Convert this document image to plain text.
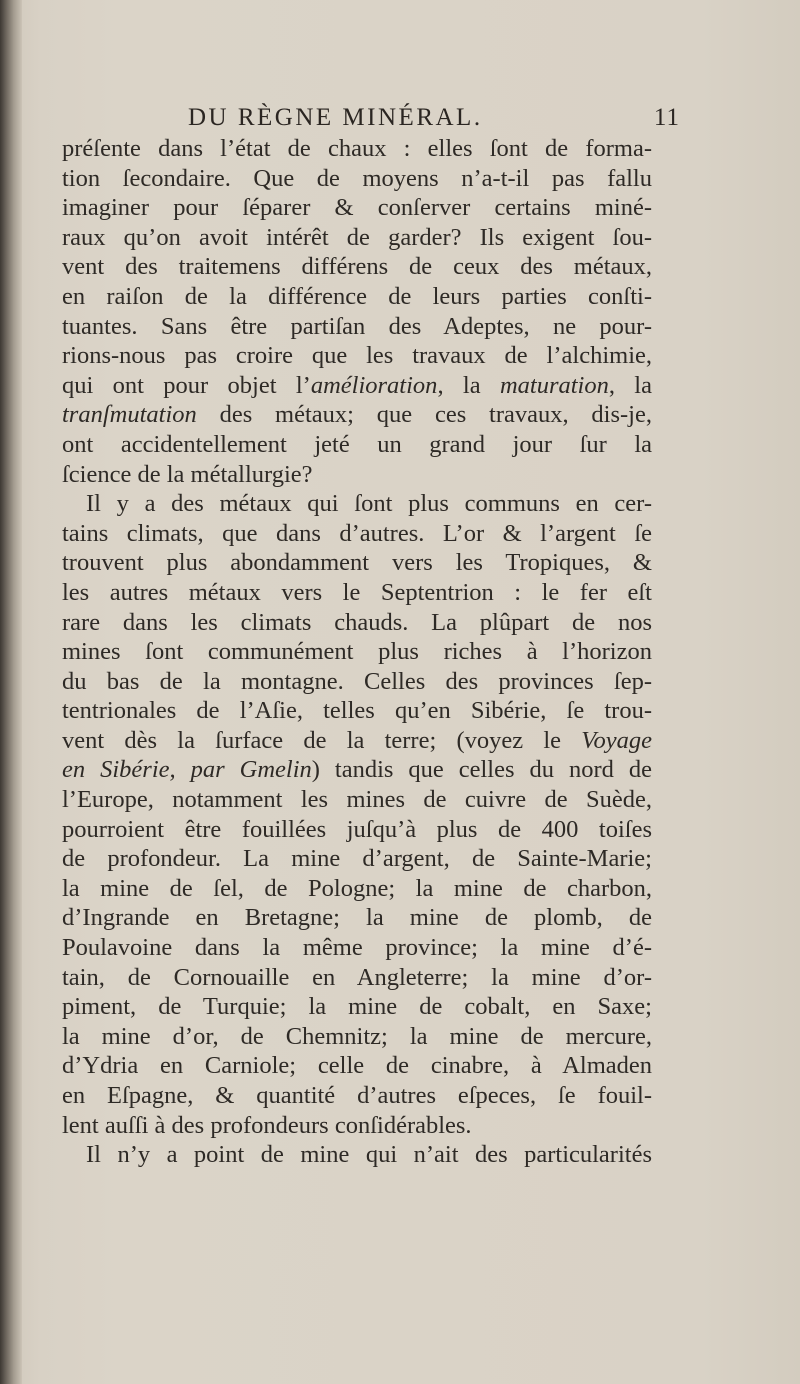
DU RÈGNE MINÉRAL.	11
préſente dans l’état de chaux : elles ſont de forma-
tion ſecondaire. Que de moyens n’a-t-il pas fallu
imaginer pour ſéparer & conſerver certains miné-
raux qu’on avoit intérêt de garder? Ils exigent ſou-
vent des traitemens différens de ceux des métaux,
en raiſon de la différence de leurs parties conſti-
tuantes. Sans être partiſan des Adeptes, ne pour-
rions-nous pas croire que les travaux de l’alchimie,
qui ont pour objet l’amélioration, la maturation, la
tranſmutation des métaux; que ces travaux, dis-je,
ont accidentellement jeté un grand jour ſur la
ſcience de la métallurgie?
Il y a des métaux qui ſont plus communs en cer-
tains climats, que dans d’autres. L’or & l’argent ſe
trouvent plus abondamment vers les Tropiques, &
les autres métaux vers le Septentrion : le fer eſt
rare dans les climats chauds. La plûpart de nos
mines ſont communément plus riches à l’horizon
du bas de la montagne. Celles des provinces ſep-
tentrionales de l’Aſie, telles qu’en Sibérie, ſe trou-
vent dès la ſurface de la terre; (voyez le Voyage
en Sibérie, par Gmelin) tandis que celles du nord de
l’Europe, notamment les mines de cuivre de Suède,
pourroient être fouillées juſqu’à plus de 400 toiſes
de profondeur. La mine d’argent, de Sainte-Marie;
la mine de ſel, de Pologne; la mine de charbon,
d’Ingrande en Bretagne; la mine de plomb, de
Poulavoine dans la même province; la mine d’é-
tain, de Cornouaille en Angleterre; la mine d’or-
piment, de Turquie; la mine de cobalt, en Saxe;
la mine d’or, de Chemnitz; la mine de mercure,
d’Ydria en Carniole; celle de cinabre, à Almaden
en Eſpagne, & quantité d’autres eſpeces, ſe fouil-
lent auſſi à des profondeurs conſidérables.
Il n’y a point de mine qui n’ait des particularités
